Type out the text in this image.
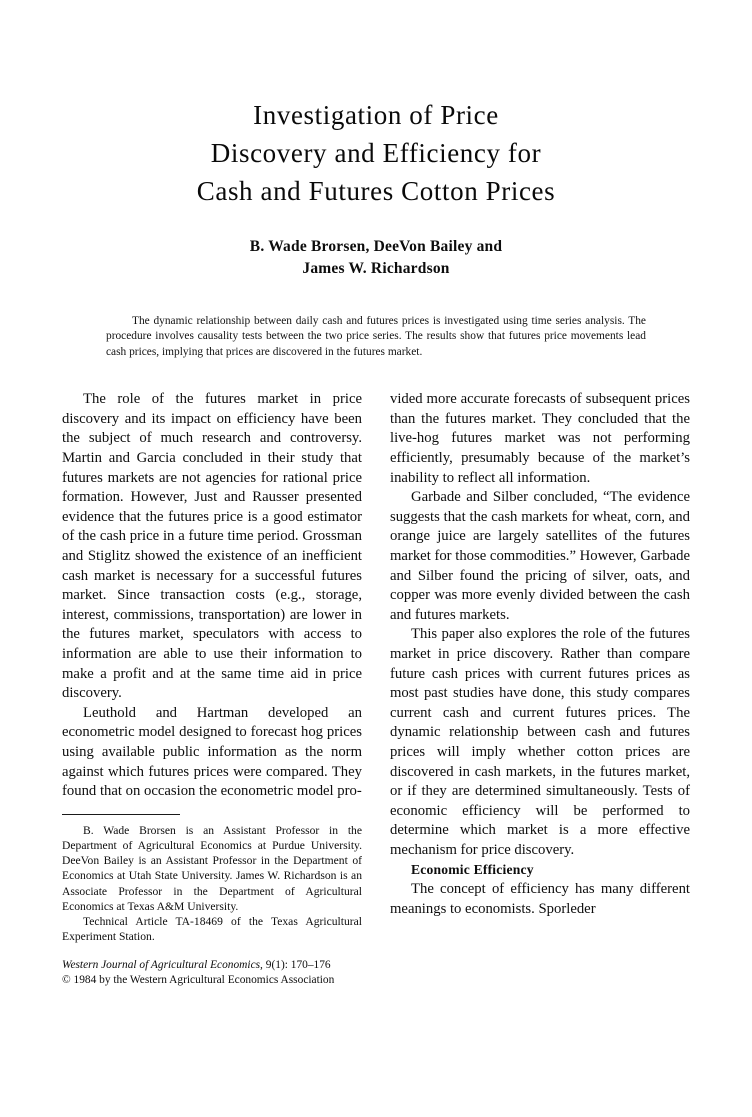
Investigation of Price
Discovery and Efficiency for
Cash and Futures Cotton Prices
B. Wade Brorsen, DeeVon Bailey and
James W. Richardson
The dynamic relationship between daily cash and futures prices is investigated using time series analysis. The procedure involves causality tests between the two price series. The results show that futures price movements lead cash prices, implying that prices are discovered in the futures market.

The role of the futures market in price discovery and its impact on efficiency have been the subject of much research and controversy. Martin and Garcia concluded in their study that futures markets are not agencies for rational price formation. However, Just and Rausser presented evidence that the futures price is a good estimator of the cash price in a future time period. Grossman and Stiglitz showed the existence of an inefficient cash market is necessary for a successful futures market. Since transaction costs (e.g., storage, interest, commissions, transportation) are lower in the futures market, speculators with access to information are able to use their information to make a profit and at the same time aid in price discovery.

Leuthold and Hartman developed an econometric model designed to forecast hog prices using available public information as the norm against which futures prices were compared. They found that on occasion the econometric model pro-

B. Wade Brorsen is an Assistant Professor in the Department of Agricultural Economics at Purdue University. DeeVon Bailey is an Assistant Professor in the Department of Economics at Utah State University. James W. Richardson is an Associate Professor in the Department of Agricultural Economics at Texas A&M University.

Technical Article TA-18469 of the Texas Agricultural Experiment Station.

Western Journal of Agricultural Economics, 9(1): 170–176
© 1984 by the Western Agricultural Economics Association

vided more accurate forecasts of subsequent prices than the futures market. They concluded that the live-hog futures market was not performing efficiently, presumably because of the market’s inability to reflect all information.

Garbade and Silber concluded, “The evidence suggests that the cash markets for wheat, corn, and orange juice are largely satellites of the futures market for those commodities.” However, Garbade and Silber found the pricing of silver, oats, and copper was more evenly divided between the cash and futures markets.

This paper also explores the role of the futures market in price discovery. Rather than compare future cash prices with current futures prices as most past studies have done, this study compares current cash and current futures prices. The dynamic relationship between cash and futures prices will imply whether cotton prices are discovered in cash markets, in the futures market, or if they are determined simultaneously. Tests of economic efficiency will be performed to determine which market is a more effective mechanism for price discovery.

Economic Efficiency

The concept of efficiency has many different meanings to economists. Sporleder
